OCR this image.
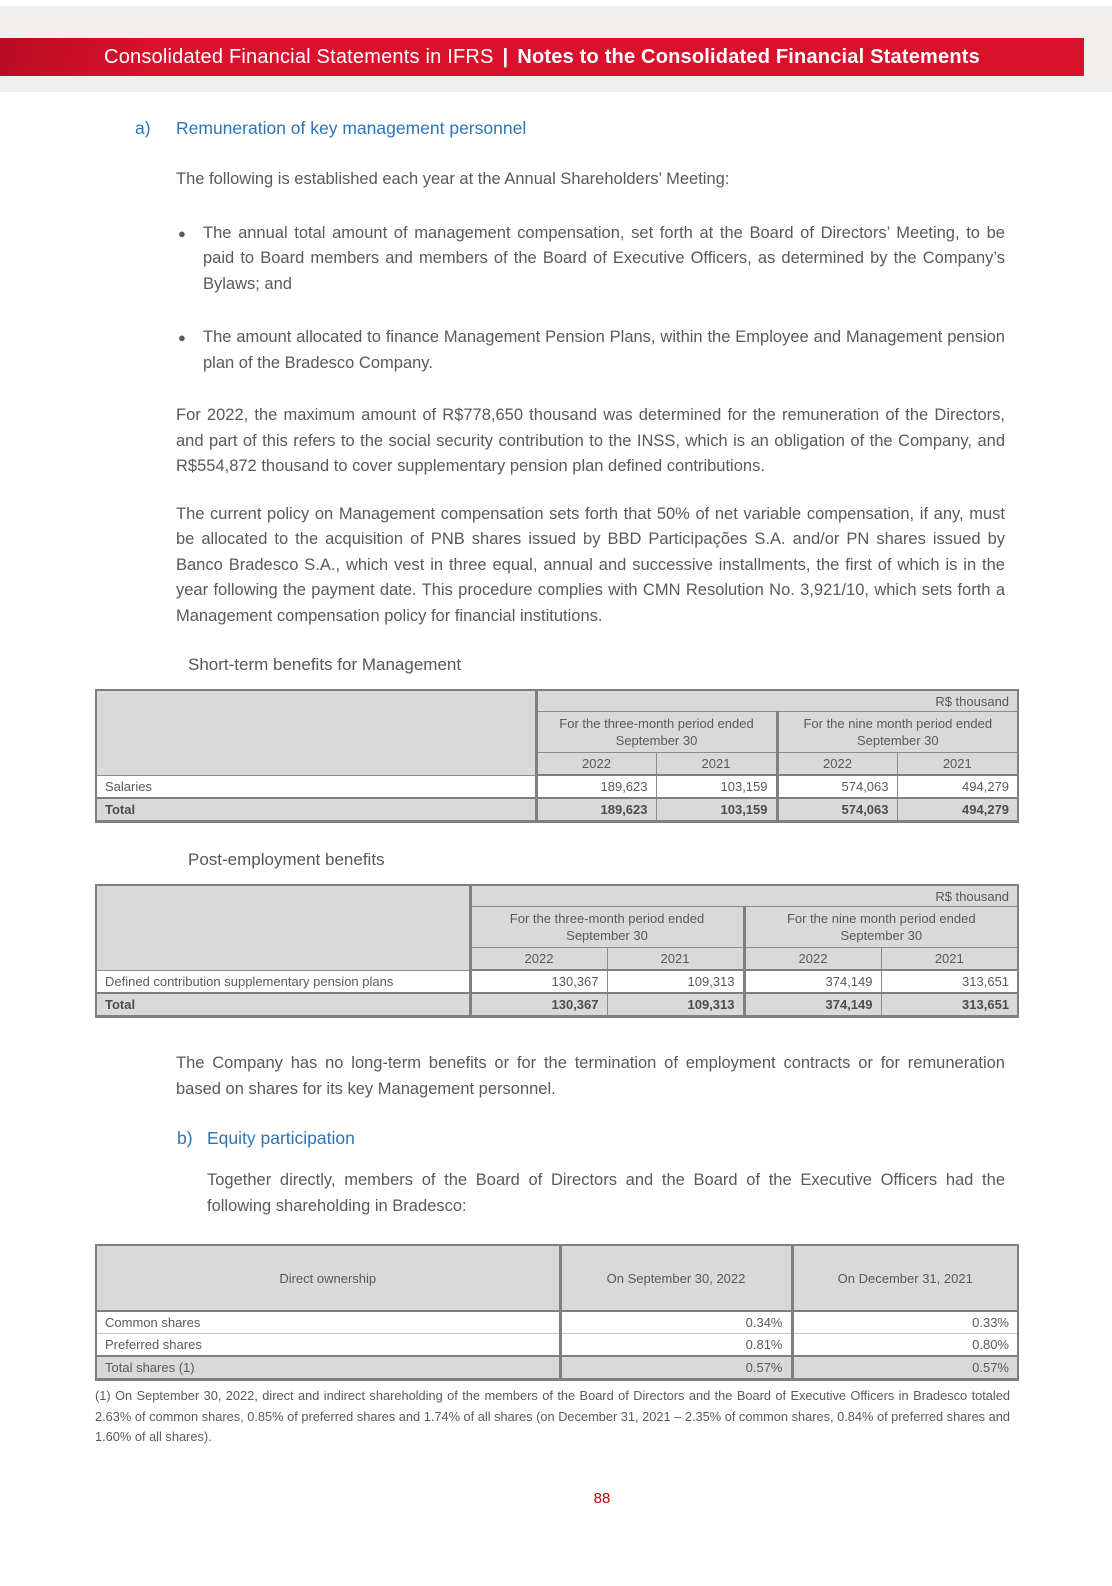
Consolidated Financial Statements in IFRS | Notes to the Consolidated Financial Statements
a)	Remuneration of key management personnel
The following is established each year at the Annual Shareholders’ Meeting:
●	The annual total amount of management compensation, set forth at the Board of Directors’ Meeting, to be paid to Board members and members of the Board of Executive Officers, as determined by the Company’s Bylaws; and
●	The amount allocated to finance Management Pension Plans, within the Employee and Management pension plan of the Bradesco Company.
For 2022, the maximum amount of R$778,650 thousand was determined for the remuneration of the Directors, and part of this refers to the social security contribution to the INSS, which is an obligation of the Company, and R$554,872 thousand to cover supplementary pension plan defined contributions.
The current policy on Management compensation sets forth that 50% of net variable compensation, if any, must be allocated to the acquisition of PNB shares issued by BBD Participações S.A. and/or PN shares issued by Banco Bradesco S.A., which vest in three equal, annual and successive installments, the first of which is in the year following the payment date. This procedure complies with CMN Resolution No. 3,921/10, which sets forth a Management compensation policy for financial institutions.
Short-term benefits for Management
	R$ thousand			

For the three-month period ended
September 30

For the nine month period ended
September 30

	2022	2021	2022	2021
Salaries	189,623	103,159	574,063	494,279
Total	189,623	103,159	574,063	494,279
Post-employment benefits
	R$ thousand			

For the three-month period ended
September 30

For the nine month period ended
September 30

	2022	2021	2022	2021
Defined contribution supplementary pension plans	130,367	109,313	374,149	313,651
Total	130,367	109,313	374,149	313,651
The Company has no long-term benefits or for the termination of employment contracts or for remuneration based on shares for its key Management personnel.
b) Equity participation
Together directly, members of the Board of Directors and the Board of the Executive Officers had the following shareholding in Bradesco:
Direct ownership	On September 30, 2022	On December 31, 2021
Common shares	0.34%	0.33%
Preferred shares	0.81%	0.80%
Total shares (1)	0.57%	0.57%
(1) On September 30, 2022, direct and indirect shareholding of the members of the Board of Directors and the Board of Executive Officers in Bradesco totaled 2.63% of common shares, 0.85% of preferred shares and 1.74% of all shares (on December 31, 2021 – 2.35% of common shares, 0.84% of preferred shares and 1.60% of all shares).
88
